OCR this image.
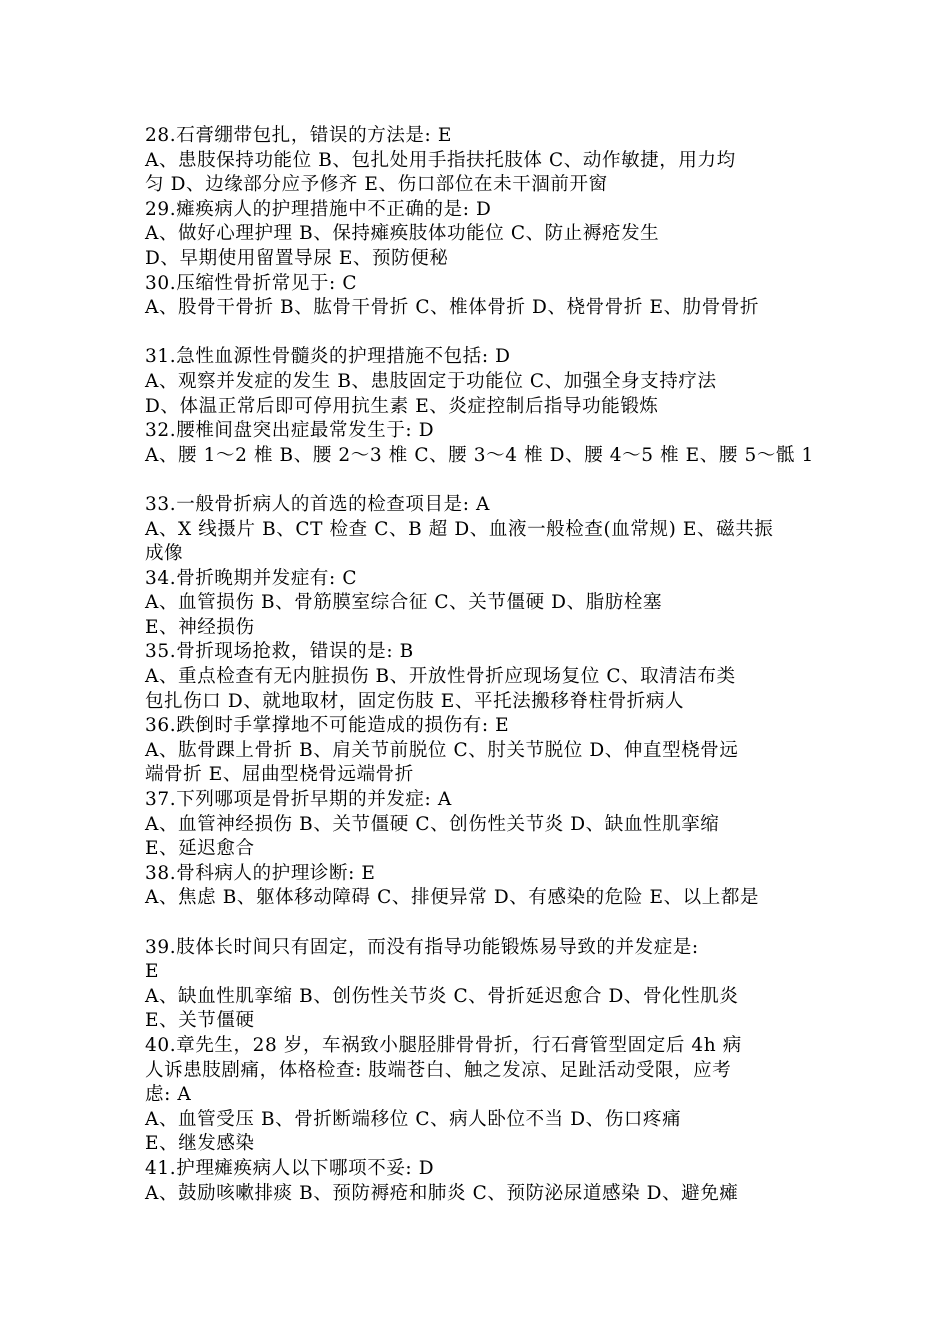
28.石膏绷带包扎，错误的方法是: E
A、患肢保持功能位 B、包扎处用手指扶托肢体 C、动作敏捷，用力均
匀 D、边缘部分应予修齐 E、伤口部位在未干涸前开窗
29.瘫痪病人的护理措施中不正确的是: D
A、做好心理护理 B、保持瘫痪肢体功能位 C、防止褥疮发生
D、早期使用留置导尿 E、预防便秘
30.压缩性骨折常见于: C
A、股骨干骨折 B、肱骨干骨折 C、椎体骨折 D、桡骨骨折 E、肋骨骨折
31.急性血源性骨髓炎的护理措施不包括: D
A、观察并发症的发生 B、患肢固定于功能位 C、加强全身支持疗法
D、体温正常后即可停用抗生素 E、炎症控制后指导功能锻炼
32.腰椎间盘突出症最常发生于: D
A、腰 1～2 椎 B、腰 2～3 椎 C、腰 3～4 椎 D、腰 4～5 椎 E、腰 5～骶 1
33.一般骨折病人的首选的检查项目是: A
A、X 线摄片 B、CT 检查 C、B 超 D、血液一般检查(血常规) E、磁共振
成像
34.骨折晚期并发症有: C
A、血管损伤 B、骨筋膜室综合征 C、关节僵硬 D、脂肪栓塞
E、神经损伤
35.骨折现场抢救，错误的是: B
A、重点检查有无内脏损伤 B、开放性骨折应现场复位 C、取清洁布类
包扎伤口 D、就地取材，固定伤肢 E、平托法搬移脊柱骨折病人
36.跌倒时手掌撑地不可能造成的损伤有: E
A、肱骨踝上骨折 B、肩关节前脱位 C、肘关节脱位 D、伸直型桡骨远
端骨折 E、屈曲型桡骨远端骨折
37.下列哪项是骨折早期的并发症: A
A、血管神经损伤 B、关节僵硬 C、创伤性关节炎 D、缺血性肌挛缩
E、延迟愈合
38.骨科病人的护理诊断: E
A、焦虑 B、躯体移动障碍 C、排便异常 D、有感染的危险 E、以上都是
39.肢体长时间只有固定，而没有指导功能锻炼易导致的并发症是:
E
A、缺血性肌挛缩 B、创伤性关节炎 C、骨折延迟愈合 D、骨化性肌炎
E、关节僵硬
40.章先生，28 岁，车祸致小腿胫腓骨骨折，行石膏管型固定后 4h 病
人诉患肢剧痛，体格检查: 肢端苍白、触之发凉、足趾活动受限，应考
虑: A
A、血管受压 B、骨折断端移位 C、病人卧位不当 D、伤口疼痛
E、继发感染
41.护理瘫痪病人以下哪项不妥: D
A、鼓励咳嗽排痰 B、预防褥疮和肺炎 C、预防泌尿道感染 D、避免瘫
